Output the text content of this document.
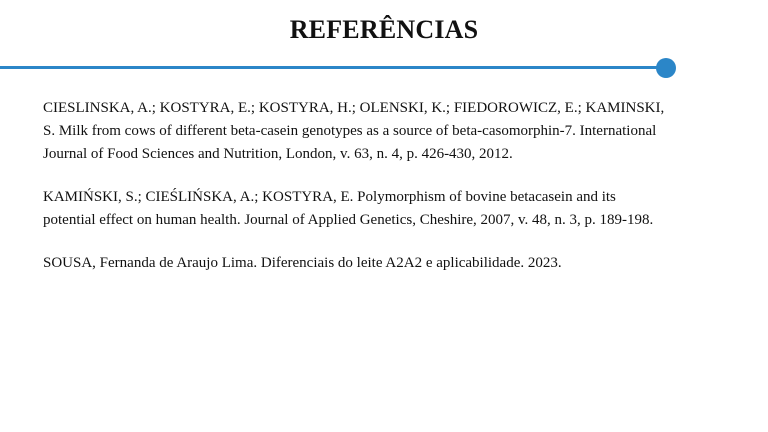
REFERÊNCIAS

CIESLINSKA, A.; KOSTYRA, E.; KOSTYRA, H.; OLENSKI, K.; FIEDOROWICZ, E.; KAMINSKI,
S. Milk from cows of different beta-casein genotypes as a source of beta-casomorphin-7. International
Journal of Food Sciences and Nutrition, London, v. 63, n. 4, p. 426-430, 2012.

KAMIŃSKI, S.; CIEŚLIŃSKA, A.; KOSTYRA, E. Polymorphism of bovine betacasein and its
potential effect on human health. Journal of Applied Genetics, Cheshire, 2007, v. 48, n. 3, p. 189-198.

SOUSA, Fernanda de Araujo Lima. Diferenciais do leite A2A2 e aplicabilidade. 2023.
